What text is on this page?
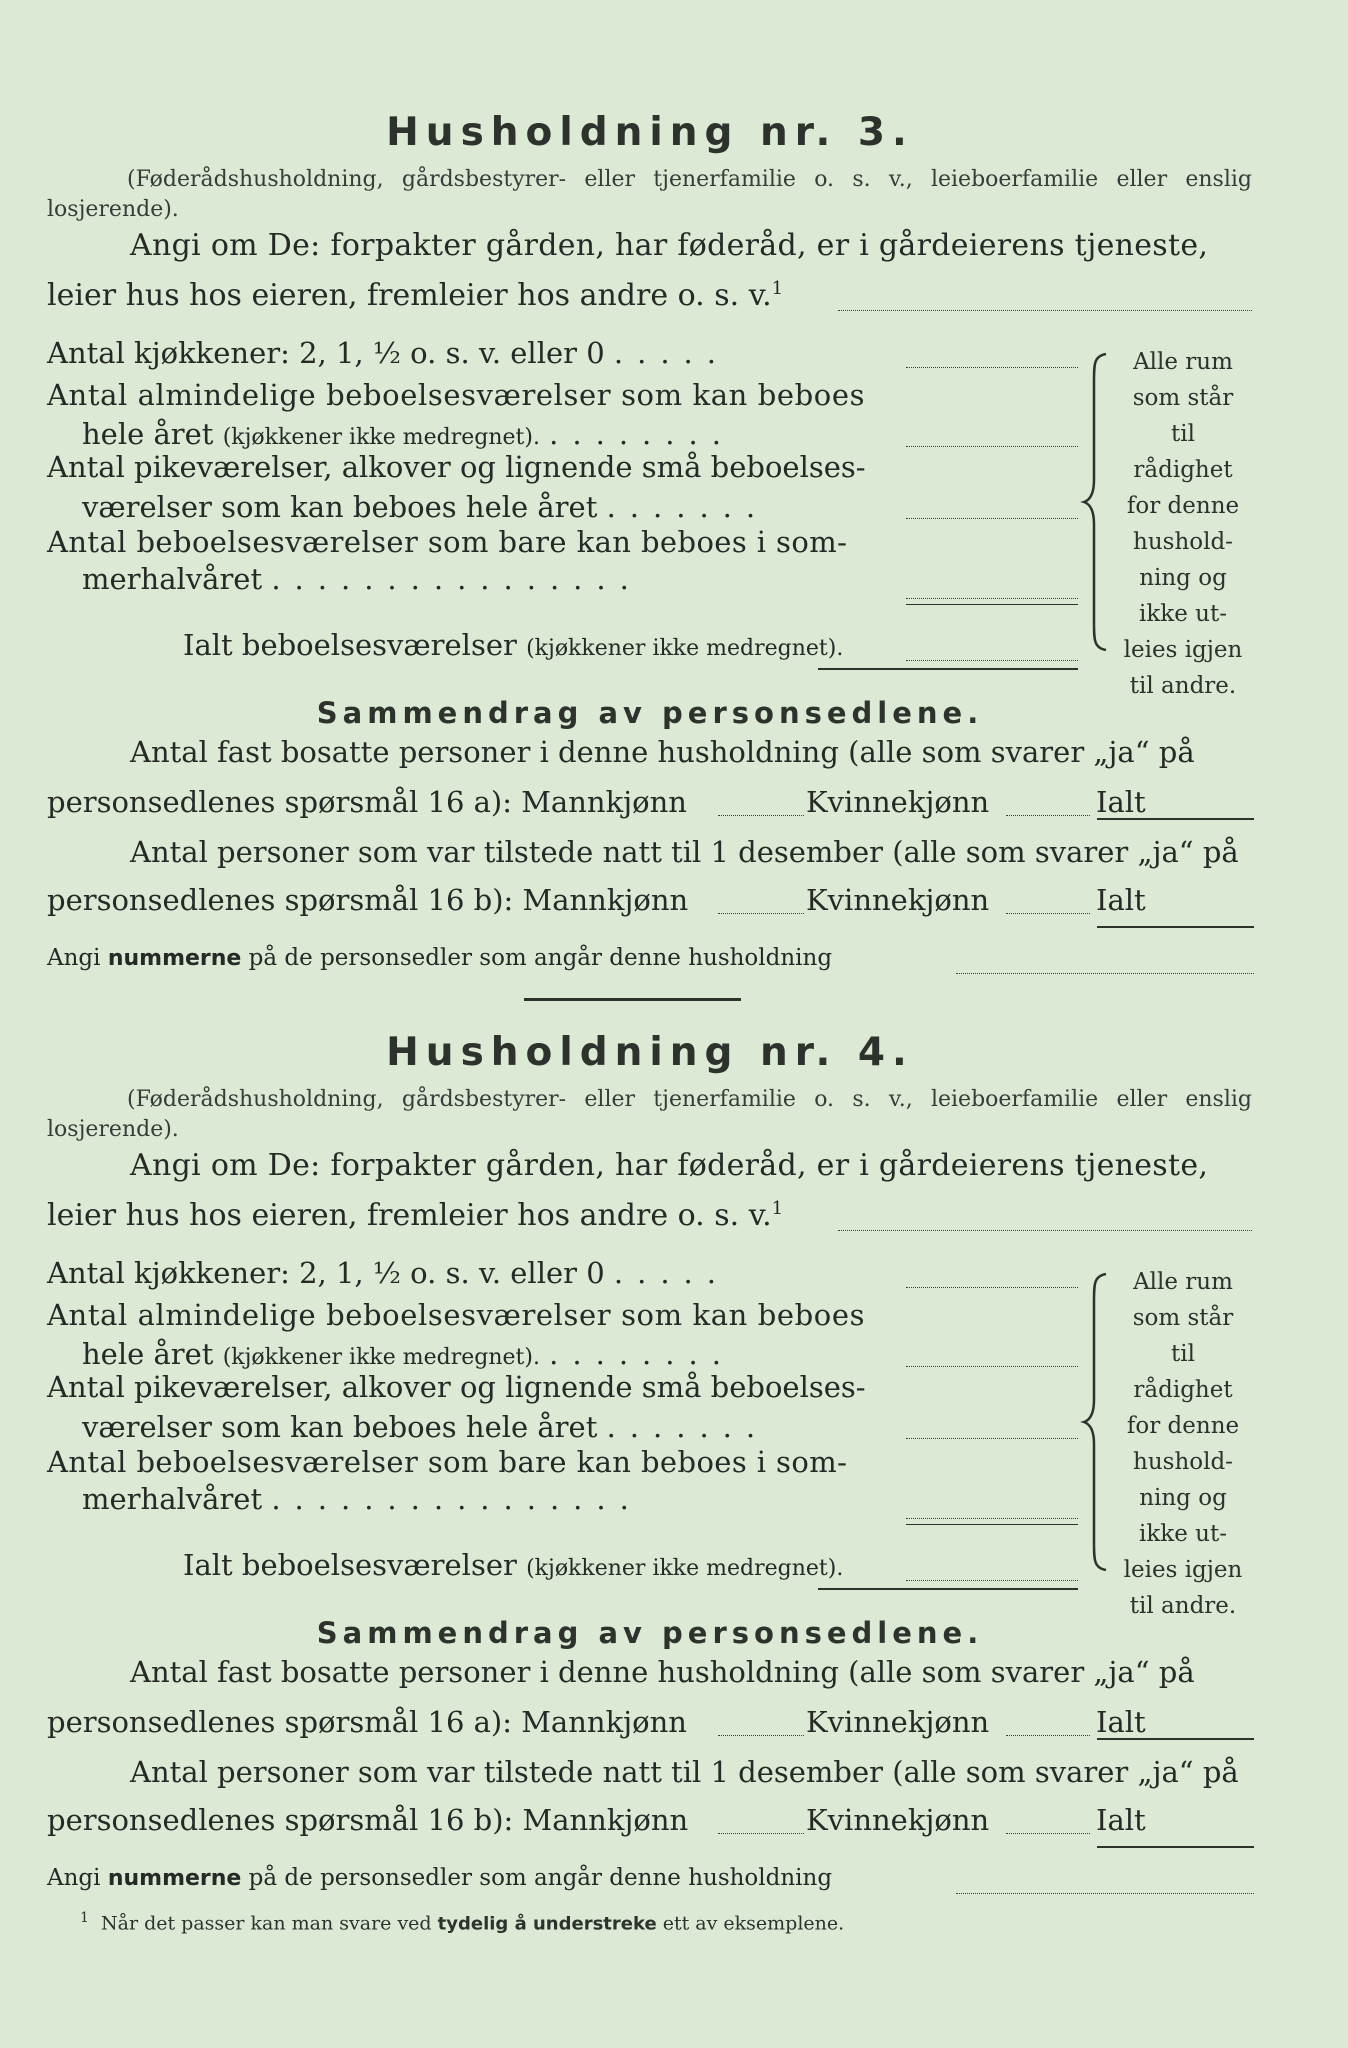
Husholdning nr. 3.
(Føderådshusholdning, gårdsbestyrer- eller tjenerfamilie o. s. v., leieboerfamilie eller enslig losjerende).
Angi om De: forpakter gården, har føderåd, er i gårdeierens tjeneste,
leier hus hos eieren, fremleier hos andre o. s. v.$^1$
Antal kjøkkener: 2, 1, ½ o. s. v. eller 0 .....
Antal almindelige beboelsesværelser som kan beboes
hele året (kjøkkener ikke medregnet). ........
Antal pikeværelser, alkover og lignende små beboelses-
værelser som kan beboes hele året .......
Antal beboelsesværelser som bare kan beboes i som-
merhalvåret ................
Ialt beboelsesværelser (kjøkkener ikke medregnet).
Alle rum
som står til
rådighet
for denne
hushold-
ning og
ikke ut-
leies igjen
til andre.
Sammendrag av personsedlene.
Antal fast bosatte personer i denne husholdning (alle som svarer „ja“ på
personsedlenes spørsmål 16 a): Mannkjønn	Kvinnekjønn	Ialt
Antal personer som var tilstede natt til 1 desember (alle som svarer „ja“ på
personsedlenes spørsmål 16 b): Mannkjønn	Kvinnekjønn	Ialt
Angi nummerne på de personsedler som angår denne husholdning
Husholdning nr. 4.
(Føderådshusholdning, gårdsbestyrer- eller tjenerfamilie o. s. v., leieboerfamilie eller enslig losjerende).
Angi om De: forpakter gården, har føderåd, er i gårdeierens tjeneste,
leier hus hos eieren, fremleier hos andre o. s. v.$^1$
Antal kjøkkener: 2, 1, ½ o. s. v. eller 0 .....
Antal almindelige beboelsesværelser som kan beboes
hele året (kjøkkener ikke medregnet). ........
Antal pikeværelser, alkover og lignende små beboelses-
værelser som kan beboes hele året .......
Antal beboelsesværelser som bare kan beboes i som-
merhalvåret ................
Ialt beboelsesværelser (kjøkkener ikke medregnet).
Alle rum
som står til
rådighet
for denne
hushold-
ning og
ikke ut-
leies igjen
til andre.
Sammendrag av personsedlene.
Antal fast bosatte personer i denne husholdning (alle som svarer „ja“ på
personsedlenes spørsmål 16 a): Mannkjønn	Kvinnekjønn	Ialt
Antal personer som var tilstede natt til 1 desember (alle som svarer „ja“ på
personsedlenes spørsmål 16 b): Mannkjønn	Kvinnekjønn	Ialt
Angi nummerne på de personsedler som angår denne husholdning
$^1$ Når det passer kan man svare ved tydelig å understreke ett av eksemplene.
